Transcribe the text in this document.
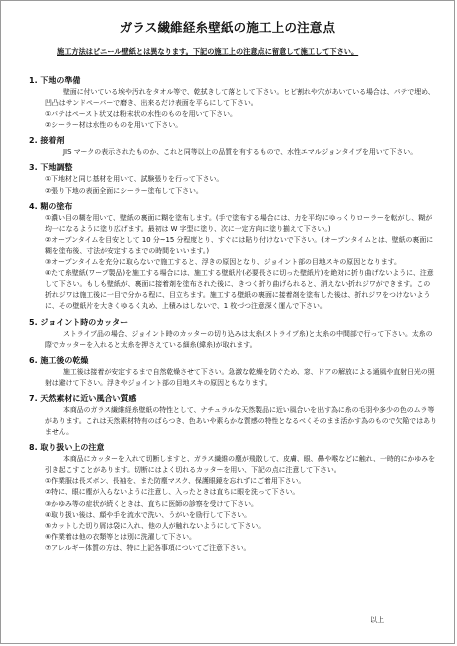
ガラス繊維経糸壁紙の施工上の注意点
施工方法はビニール壁紙とは異なります。下記の施工上の注意点に留意して施工して下さい。
1. 下地の準備
壁面に付いている埃や汚れをタオル等で、乾拭きして落として下さい。ヒビ割れや穴があいている場合は、パテで埋め、凹凸はサンドペーパーで磨き、出来るだけ表面を平らにして下さい。
①パテはペースト状又は粉末状の水性のものを用いて下さい。
②シーラー材は水性のものを用いて下さい。
2. 接着剤
JIS マークの表示されたものか、これと同等以上の品質を有するもので、水性エマルジョンタイプを用いて下さい。
3. 下地調整
①下地材と同じ基材を用いて、試験張りを行って下さい。
②張り下地の表面全面にシーラー塗布して下さい。
4. 糊の塗布
①濃い目の糊を用いて、壁紙の裏面に糊を塗布します。(手で塗布する場合には、力を平均にゆっくりローラーを転がし、糊が均一になるように塗り広げます。最初は W 字型に塗り、次に一定方向に塗り揃えて下さい。)
②オープンタイムを目安として 10 分~15 分程度とり、すぐには貼り付けないで下さい。(オープンタイムとは、壁紙の裏面に糊を塗布後、寸法が安定するまでの時間をいいます。)
③オープンタイムを充分に取らないで施工すると、浮きの原因となり、ジョイント部の目地スキの原因となります。
④たて糸壁紙(ワープ製品)を施工する場合には、施工する壁紙片(必要長さに切った壁紙片)を絶対に折り曲げないように、注意して下さい。もしも壁紙が、裏面に接着剤を塗布された後に、きつく折り曲げられると、消えない折れジワができます。この折れジワは施工後に一目で分かる程に、目立ちます。施工する壁紙の裏面に接着剤を塗布した後は、折れジワをつけないように、その壁紙片を大きくゆるく丸め、上積みはしないで、1 枚づつ注意深く運んで下さい。
5. ジョイント時のカッター
ストライプ品の場合、ジョイント時のカッターの切り込みは太糸(ストライプ糸)と太糸の中間部で行って下さい。太糸の際でカッターを入れると太糸を押さえている細糸(緯糸)が取れます。
6. 施工後の乾燥
施工後は接着が安定するまで自然乾燥させて下さい。急激な乾燥を防ぐため、窓、ドアの解放による通風や直射日光の照射は避けて下さい。浮きやジョイント部の目地スキの原因ともなります。
7. 天然素材に近い風合い質感
本商品のガラス繊維経糸壁紙の特性として、ナチュラルな天然製品に近い風合いを出す為に糸の毛羽や多少の色のムラ等があります。これは天然素材特有のばらつき、色あいや素らかな質感の特性となるべくそのまま活かす為のもので欠陥ではありません。
8. 取り扱い上の注意
本商品にカッターを入れて切断しますと、ガラス繊維の塵が飛散して、皮膚、眼、鼻や喉などに触れ、一時的にかゆみを引き起こすことがあります。切断にはよく切れるカッターを用い、下記の点に注意して下さい。
①作業服は長ズボン、長袖を、また防塵マスク、保護眼鏡を忘れずにご着用下さい。
②特に、眼に塵が入らないように注意し、入ったときは直ちに眼を洗って下さい。
③かゆみ等の症状が続くときは、直ちに医師の診察を受けて下さい。
④取り扱い後は、顔や手を流水で洗い、うがいを励行して下さい。
⑤カットした切り屑は袋に入れ、他の人が触れないようにして下さい。
⑥作業着は他の衣類等とは別に洗濯して下さい。
⑦アレルギー体質の方は、特に上記各事項についてご注意下さい。
以上
